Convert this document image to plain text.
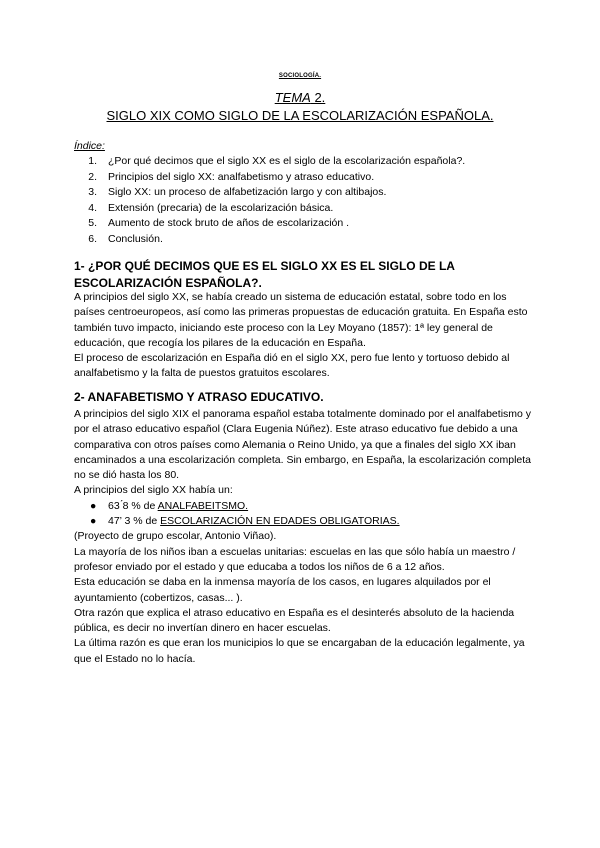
SOCIOLOGÍA.
TEMA 2.
SIGLO XIX COMO SIGLO DE LA ESCOLARIZACIÓN ESPAÑOLA.
Índice:
1. ¿Por qué decimos que el siglo XX es el siglo de la escolarización española?.
2. Principios del siglo XX: analfabetismo y atraso educativo.
3. Siglo XX: un proceso de alfabetización largo y con altibajos.
4. Extensión (precaria) de la escolarización básica.
5. Aumento de stock bruto de años de escolarización .
6. Conclusión.
1- ¿POR QUÉ DECIMOS QUE ES EL SIGLO XX ES EL SIGLO DE LA ESCOLARIZACIÓN ESPAÑOLA?.

A principios del siglo XX, se había creado un sistema de educación estatal, sobre todo en los países centroeuropeos, así como las primeras propuestas de educación gratuita. En España esto también tuvo impacto, iniciando este proceso con la Ley Moyano (1857): 1ª ley general de educación, que recogía los pilares de la educación en España.

El proceso de escolarización en España dió en el siglo XX, pero fue lento y tortuoso debido al analfabetismo y la falta de puestos gratuitos escolares.

2- ANAFABETISMO Y ATRASO EDUCATIVO.

A principios del siglo XIX el panorama español estaba totalmente dominado por el analfabetismo y por el atraso educativo español (Clara Eugenia Núñez). Este atraso educativo fue debido a una comparativa con otros países como Alemania o Reino Unido, ya que a finales del siglo XX iban encaminados a una escolarización completa. Sin embargo, en España, la escolarización completa no se dió hasta los 80.

A principios del siglo XX había un:

● 63 ́8 % de ANALFABEITSMO.
● 47’ 3 % de ESCOLARIZACIÓN EN EDADES OBLIGATORIAS.

(Proyecto de grupo escolar, Antonio Viñao).

La mayoría de los niños iban a escuelas unitarias: escuelas en las que sólo había un maestro / profesor enviado por el estado y que educaba a todos los niños de 6 a 12 años.

Esta educación se daba en la inmensa mayoría de los casos, en lugares alquilados por el ayuntamiento (cobertizos, casas... ).

Otra razón que explica el atraso educativo en España es el desinterés absoluto de la hacienda pública, es decir no invertían dinero en hacer escuelas.

La última razón es que eran los municipios lo que se encargaban de la educación legalmente, ya que el Estado no lo hacía.
